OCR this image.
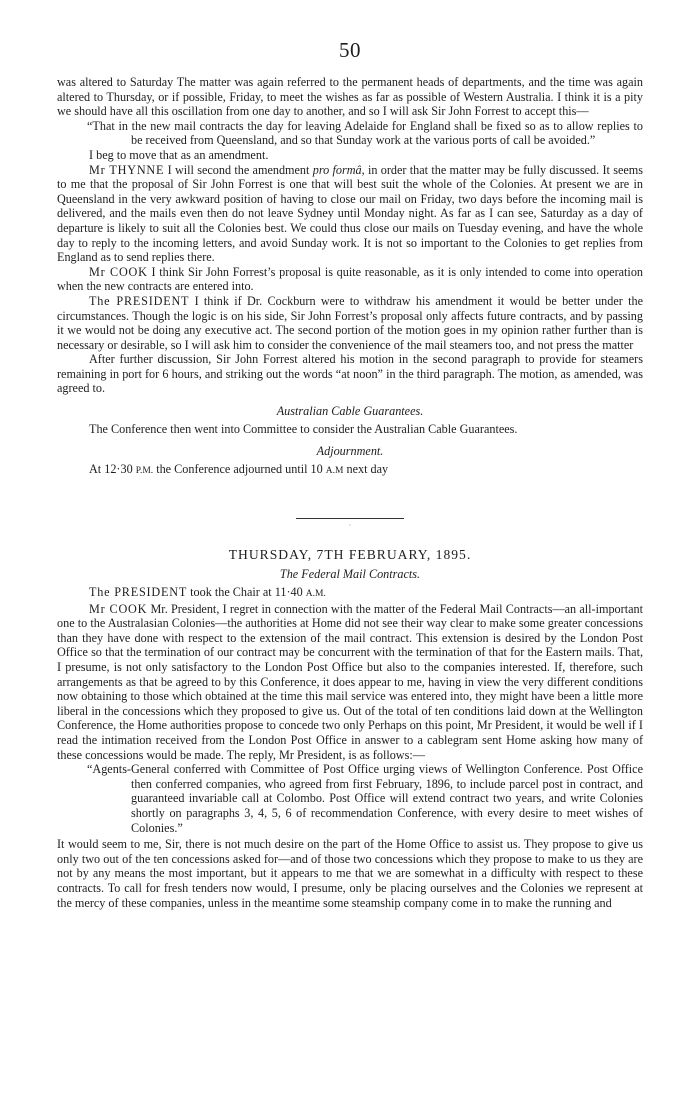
50

was altered to Saturday The matter was again referred to the permanent heads of departments, and the time was again altered to Thursday, or if possible, Friday, to meet the wishes as far as possible of Western Australia. I think it is a pity we should have all this oscillation from one day to another, and so I will ask Sir John Forrest to accept this—

“That in the new mail contracts the day for leaving Adelaide for England shall be fixed so as to allow replies to be received from Queensland, and so that Sunday work at the various ports of call be avoided.”

I beg to move that as an amendment.

Mr THYNNE I will second the amendment pro formâ, in order that the matter may be fully discussed. It seems to me that the proposal of Sir John Forrest is one that will best suit the whole of the Colonies. At present we are in Queensland in the very awkward position of having to close our mail on Friday, two days before the incoming mail is delivered, and the mails even then do not leave Sydney until Monday night. As far as I can see, Saturday as a day of departure is likely to suit all the Colonies best. We could thus close our mails on Tuesday evening, and have the whole day to reply to the incoming letters, and avoid Sunday work. It is not so important to the Colonies to get replies from England as to send replies there.

Mr COOK I think Sir John Forrest’s proposal is quite reasonable, as it is only intended to come into operation when the new contracts are entered into.

The PRESIDENT I think if Dr. Cockburn were to withdraw his amendment it would be better under the circumstances. Though the logic is on his side, Sir John Forrest’s proposal only affects future contracts, and by passing it we would not be doing any executive act. The second portion of the motion goes in my opinion rather further than is necessary or desirable, so I will ask him to consider the convenience of the mail steamers too, and not press the matter

After further discussion, Sir John Forrest altered his motion in the second paragraph to provide for steamers remaining in port for 6 hours, and striking out the words “at noon” in the third paragraph. The motion, as amended, was agreed to.

Australian Cable Guarantees.

The Conference then went into Committee to consider the Australian Cable Guarantees.

Adjournment.

At 12·30 P.M. the Conference adjourned until 10 A.M next day

·
THURSDAY, 7TH FEBRUARY, 1895.
The Federal Mail Contracts.

The PRESIDENT took the Chair at 11·40 A.M.

Mr COOK Mr. President, I regret in connection with the matter of the Federal Mail Contracts—an all-important one to the Australasian Colonies—the authorities at Home did not see their way clear to make some greater concessions than they have done with respect to the extension of the mail contract. This extension is desired by the London Post Office so that the termination of our contract may be concurrent with the termination of that for the Eastern mails. That, I presume, is not only satisfactory to the London Post Office but also to the companies interested. If, therefore, such arrangements as that be agreed to by this Conference, it does appear to me, having in view the very different conditions now obtaining to those which obtained at the time this mail service was entered into, they might have been a little more liberal in the concessions which they proposed to give us. Out of the total of ten conditions laid down at the Wellington Conference, the Home authorities propose to concede two only Perhaps on this point, Mr President, it would be well if I read the intimation received from the London Post Office in answer to a cablegram sent Home asking how many of these concessions would be made. The reply, Mr President, is as follows:—

“Agents-General conferred with Committee of Post Office urging views of Wellington Conference. Post Office then conferred companies, who agreed from first February, 1896, to include parcel post in contract, and guaranteed invariable call at Colombo. Post Office will extend contract two years, and write Colonies shortly on paragraphs 3, 4, 5, 6 of recommendation Conference, with every desire to meet wishes of Colonies.”

It would seem to me, Sir, there is not much desire on the part of the Home Office to assist us. They propose to give us only two out of the ten concessions asked for—and of those two concessions which they propose to make to us they are not by any means the most important, but it appears to me that we are somewhat in a difficulty with respect to these contracts. To call for fresh tenders now would, I presume, only be placing ourselves and the Colonies we represent at the mercy of these companies, unless in the meantime some steamship company come in to make the running and
